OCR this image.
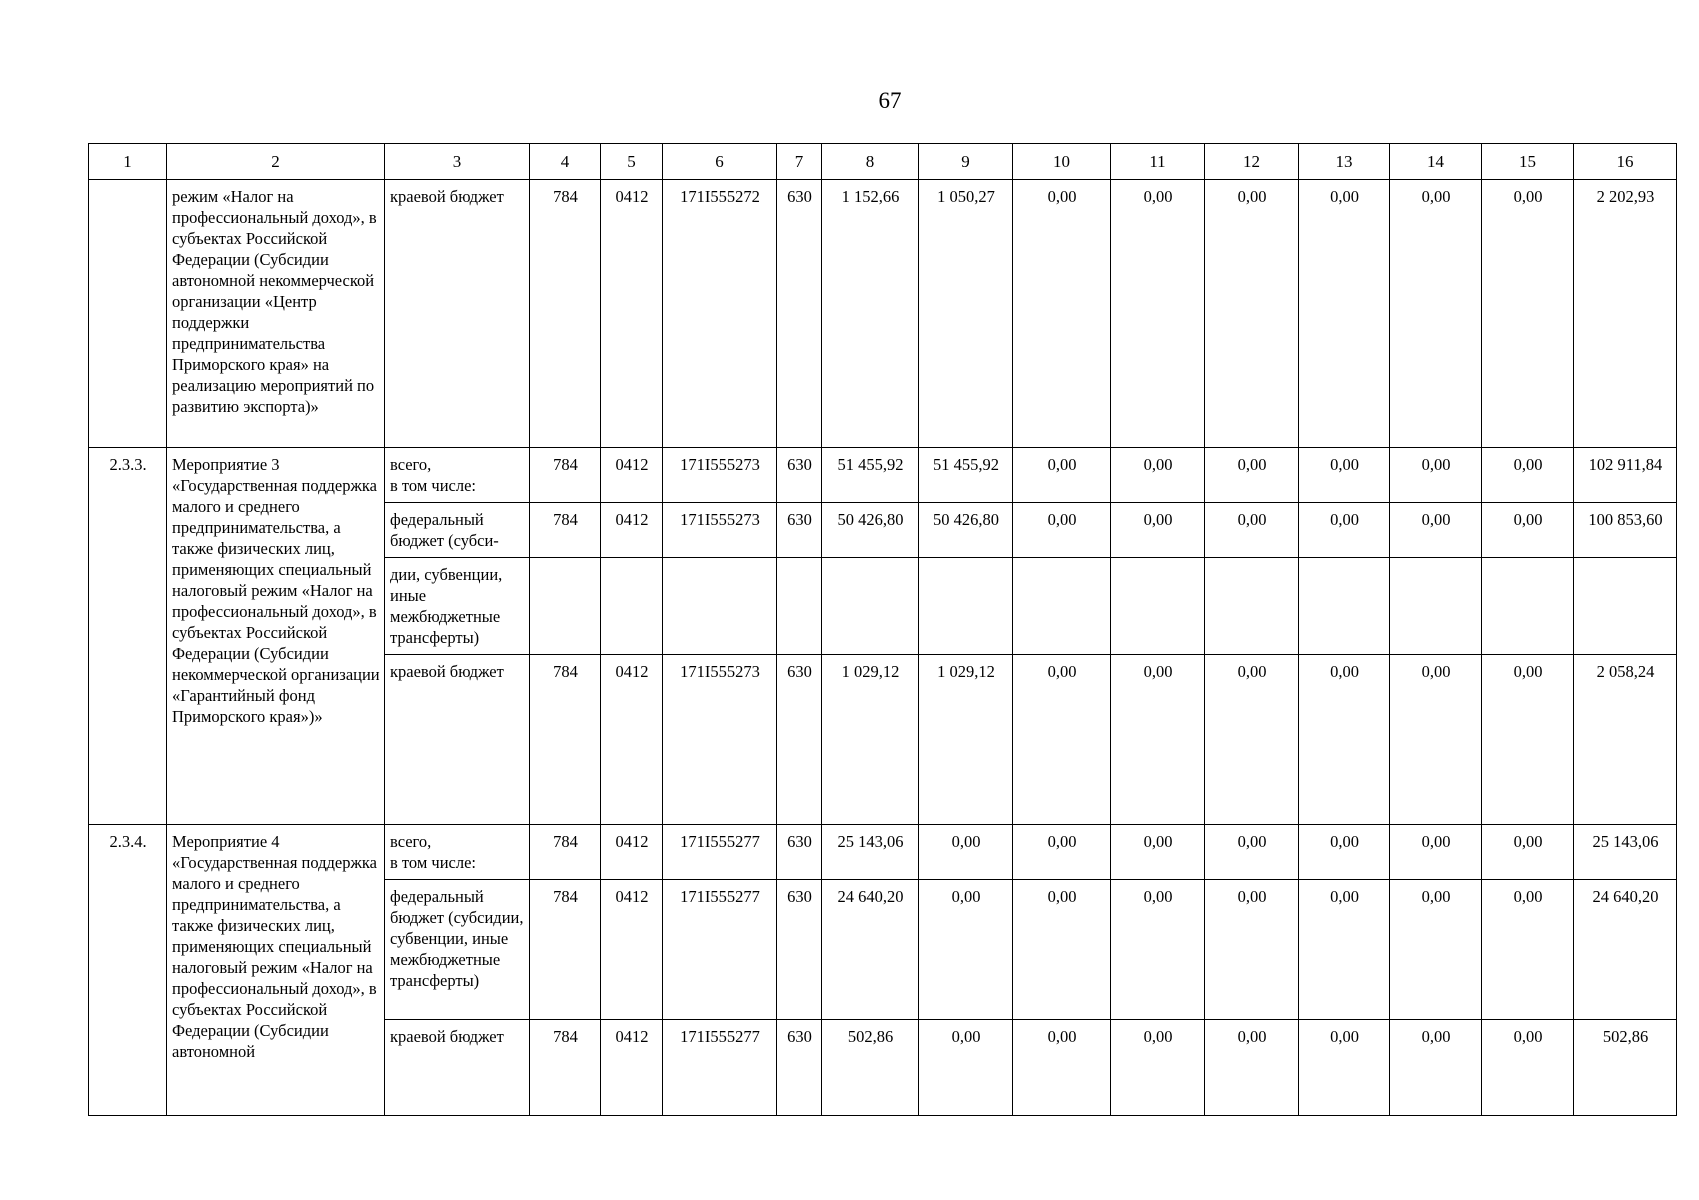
67
1	2	3	4	5	6	7	8	9	10	11	12	13	14	15	16
	режим «Налог на профессиональный доход», в субъектах Российской Федерации (Субсидии автономной некоммерческой организации «Центр поддержки предпринимательства Приморского края» на реализацию мероприятий по развитию экспорта)»	краевой бюджет	784	0412	171I555272	630	1 152,66	1 050,27	0,00	0,00	0,00	0,00	0,00	0,00	2 202,93
2.3.3.	Мероприятие 3 «Государственная поддержка малого и среднего предпринимательства, а также физических лиц, применяющих специальный налоговый режим «Налог на профессиональный доход», в субъектах Российской Федерации (Субсидии некоммерческой организации «Гарантийный фонд Приморского края»)»	всего,
в том числе:	784	0412	171I555273	630	51 455,92	51 455,92	0,00	0,00	0,00	0,00	0,00	0,00	102 911,84
		федеральный бюджет (субси-	784	0412	171I555273	630	50 426,80	50 426,80	0,00	0,00	0,00	0,00	0,00	0,00	100 853,60
		дии, субвенции, иные межбюджетные трансферты)													
		краевой бюджет	784	0412	171I555273	630	1 029,12	1 029,12	0,00	0,00	0,00	0,00	0,00	0,00	2 058,24
2.3.4.	Мероприятие 4 «Государственная поддержка малого и среднего предпринимательства, а также физических лиц, применяющих специальный налоговый режим «Налог на профессиональный доход», в субъектах Российской Федерации (Субсидии автономной	всего,
в том числе:	784	0412	171I555277	630	25 143,06	0,00	0,00	0,00	0,00	0,00	0,00	0,00	25 143,06
		федеральный бюджет (субсидии, субвенции, иные межбюджетные трансферты)	784	0412	171I555277	630	24 640,20	0,00	0,00	0,00	0,00	0,00	0,00	0,00	24 640,20
		краевой бюджет	784	0412	171I555277	630	502,86	0,00	0,00	0,00	0,00	0,00	0,00	0,00	502,86
